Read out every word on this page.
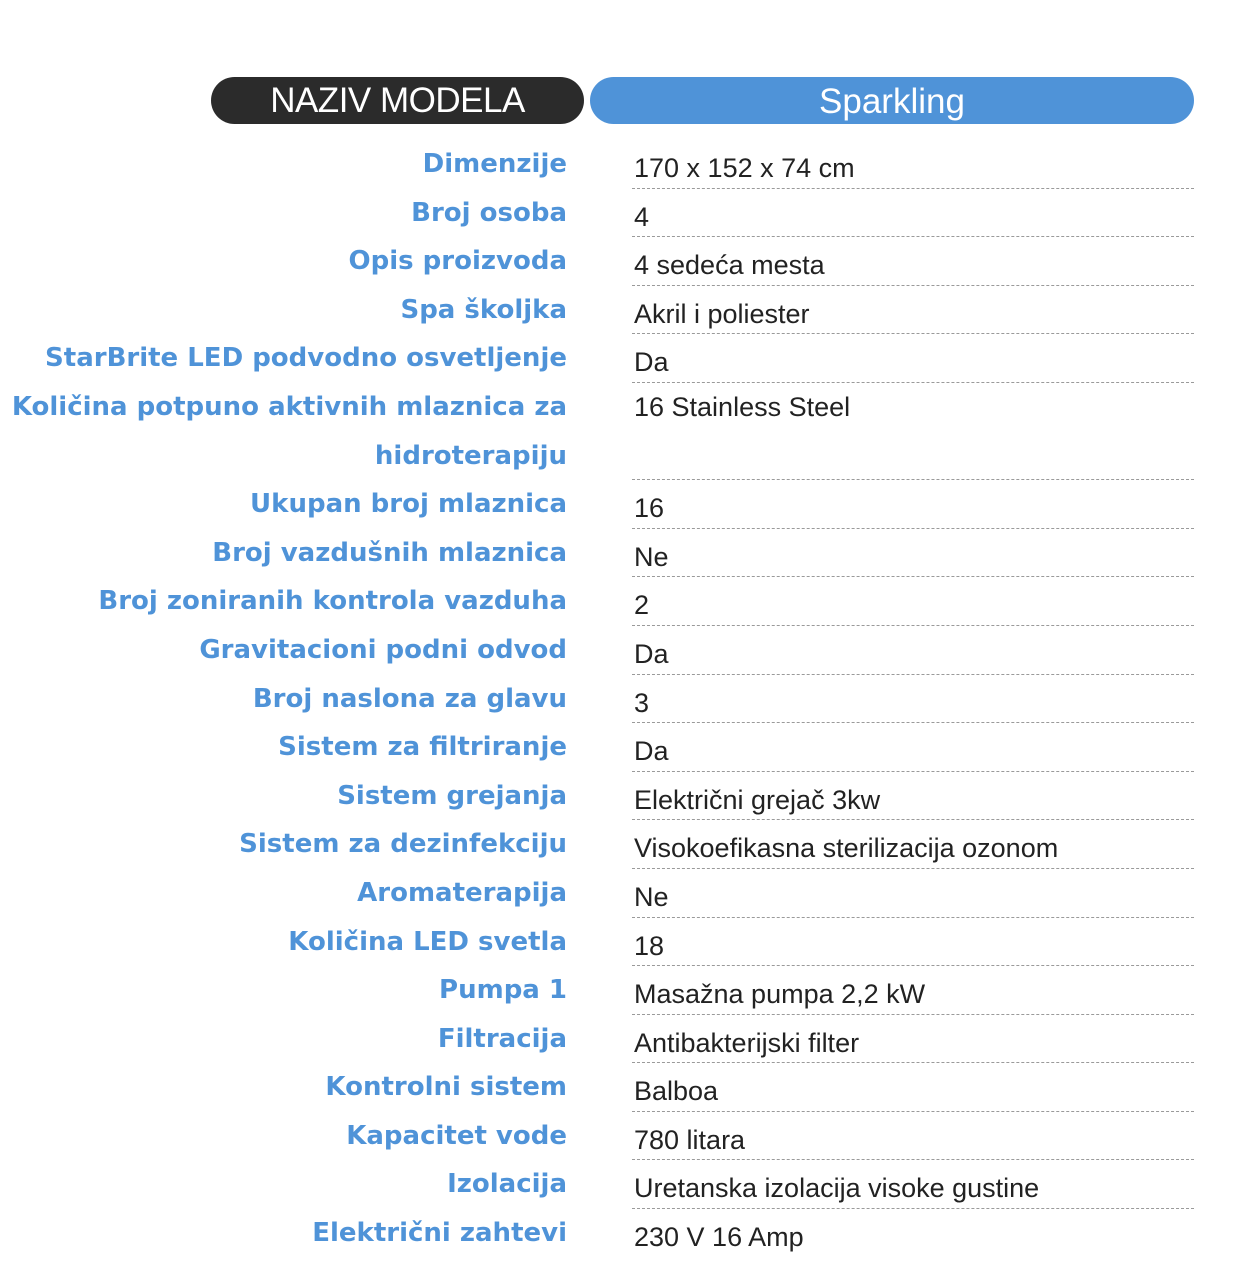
NAZIV MODELA	Sparkling
Dimenzije 170 x 152 x 74 cm
Broj osoba 4
Opis proizvoda 4 sedeća mesta
Spa školjka Akril i poliester
StarBrite LED podvodno osvetljenje Da
Količina potpuno aktivnih mlaznica za hidroterapiju
16 Stainless Steel
Ukupan broj mlaznica 16
Broj vazdušnih mlaznica Ne
Broj zoniranih kontrola vazduha 2
Gravitacioni podni odvod Da
Broj naslona za glavu 3
Sistem za filtriranje Da
Sistem grejanja Električni grejač 3kw
Sistem za dezinfekciju Visokoefikasna sterilizacija ozonom
Aromaterapija Ne
Količina LED svetla 18
Pumpa 1 Masažna pumpa 2,2 kW
Filtracija Antibakterijski filter
Kontrolni sistem Balboa
Kapacitet vode 780 litara
Izolacija Uretanska izolacija visoke gustine
Električni zahtevi 230 V 16 Amp
